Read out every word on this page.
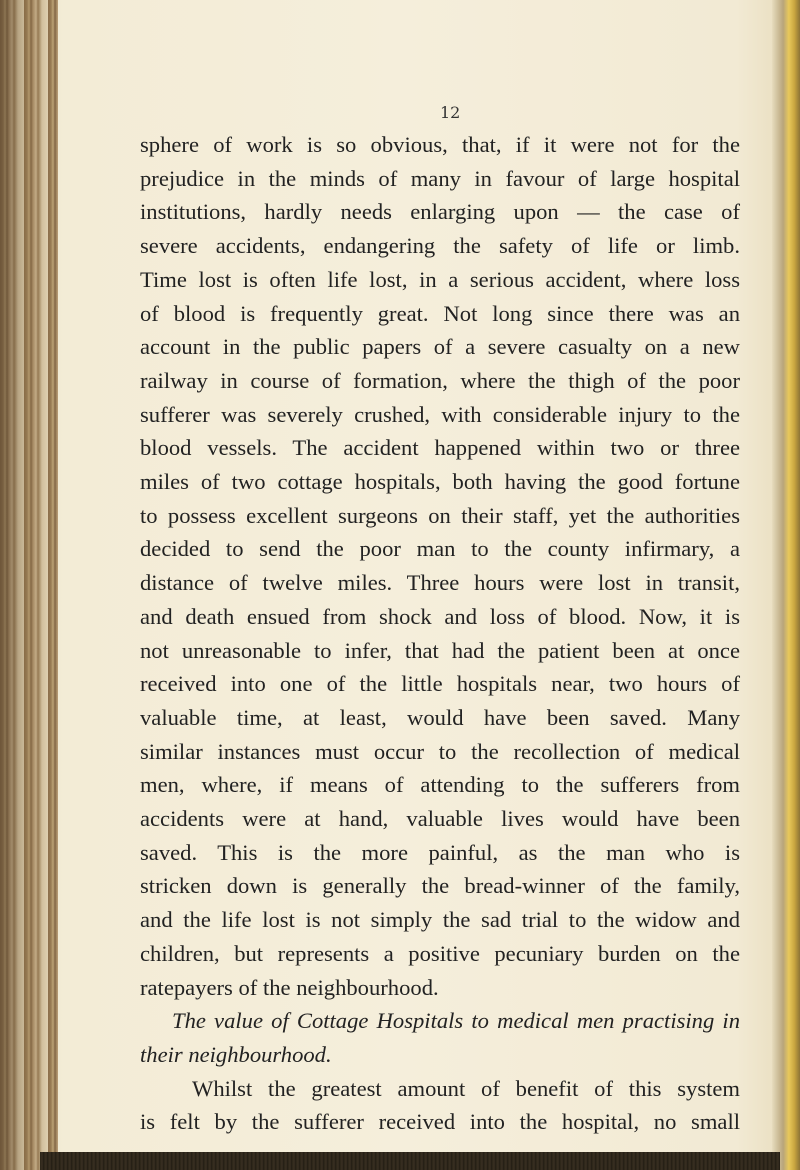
12
sphere of work is so obvious, that, if it were not for the
prejudice in the minds of many in favour of large hospital
institutions, hardly needs enlarging upon — the case of
severe accidents, endangering the safety of life or limb.
Time lost is often life lost, in a serious accident, where loss
of blood is frequently great. Not long since there was an
account in the public papers of a severe casualty on a new
railway in course of formation, where the thigh of the poor
sufferer was severely crushed, with considerable injury to the
blood vessels. The accident happened within two or three
miles of two cottage hospitals, both having the good fortune
to possess excellent surgeons on their staff, yet the authorities
decided to send the poor man to the county infirmary, a
distance of twelve miles. Three hours were lost in transit,
and death ensued from shock and loss of blood. Now, it is
not unreasonable to infer, that had the patient been at once
received into one of the little hospitals near, two hours of
valuable time, at least, would have been saved. Many
similar instances must occur to the recollection of medical
men, where, if means of attending to the sufferers from
accidents were at hand, valuable lives would have been
saved. This is the more painful, as the man who is
stricken down is generally the bread-winner of the family,
and the life lost is not simply the sad trial to the widow and
children, but represents a positive pecuniary burden on the
ratepayers of the neighbourhood.
The value of Cottage Hospitals to medical men practising in
their neighbourhood.
Whilst the greatest amount of benefit of this system
is felt by the sufferer received into the hospital, no small
